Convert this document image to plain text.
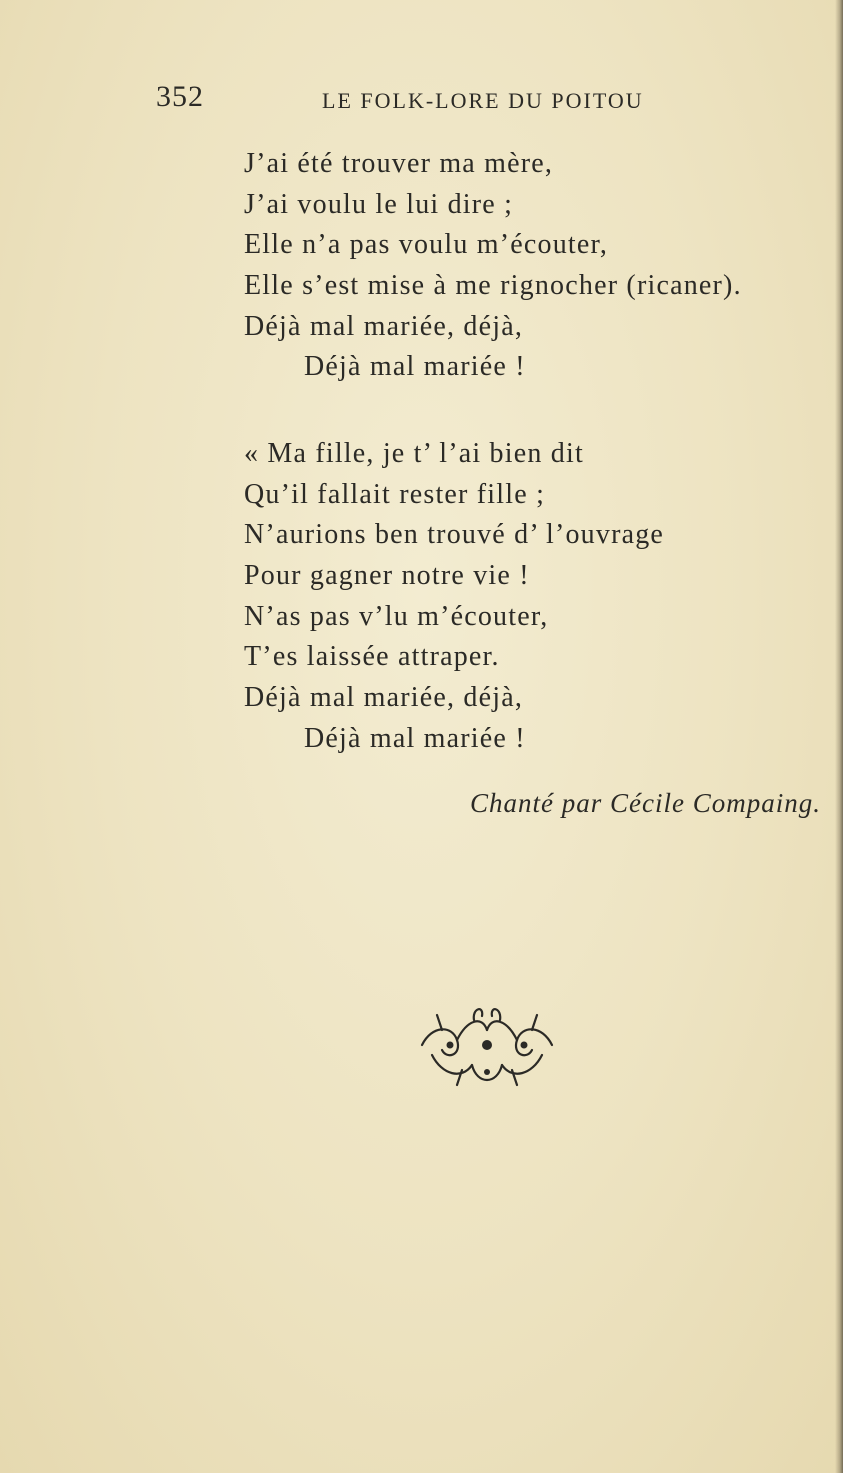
352	LE FOLK-LORE DU POITOU
J’ai été trouver ma mère,
J’ai voulu le lui dire ;
Elle n’a pas voulu m’écouter,
Elle s’est mise à me rignocher (ricaner).
Déjà mal mariée, déjà,
Déjà mal mariée !
« Ma fille, je t’ l’ai bien dit
Qu’il fallait rester fille ;
N’aurions ben trouvé d’ l’ouvrage
Pour gagner notre vie !
N’as pas v’lu m’écouter,
T’es laissée attraper.
Déjà mal mariée, déjà,
Déjà mal mariée !
Chanté par Cécile Compaing.
